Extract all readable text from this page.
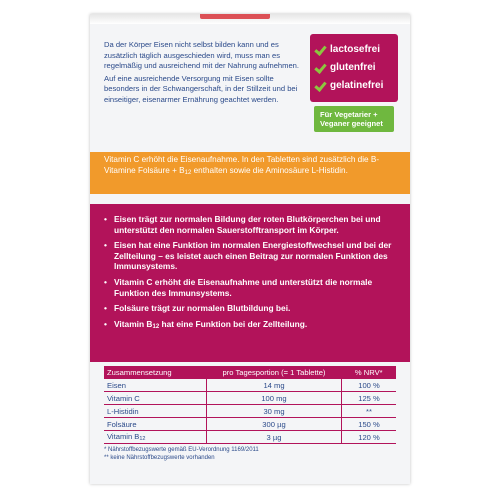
Da der Körper Eisen nicht selbst bilden kann und es zusätzlich täglich ausgeschieden wird, muss man es regelmäßig und ausreichend mit der Nahrung aufnehmen.

Auf eine ausreichende Versorgung mit Eisen sollte besonders in der Schwangerschaft, in der Stillzeit und bei einseitiger, eisenarmer Ernährung geachtet werden.

lactosefrei
glutenfrei
gelatinefrei
Für Vegetarier +
Veganer geeignet
Vitamin C erhöht die Eisenaufnahme. In den Tabletten sind zusätzlich die B-Vitamine Folsäure + B12 enthalten sowie die Aminosäure L-Histidin.
• Eisen trägt zur normalen Bildung der roten Blutkörperchen bei und unterstützt den normalen Sauerstofftransport im Körper.
• Eisen hat eine Funktion im normalen Energiestoffwechsel und bei der Zellteilung – es leistet auch einen Beitrag zur normalen Funktion des Immunsystems.
• Vitamin C erhöht die Eisenaufnahme und unterstützt die normale Funktion des Immunsystems.
• Folsäure trägt zur normalen Blutbildung bei.
• Vitamin B12 hat eine Funktion bei der Zellteilung.
Zusammensetzung	pro Tagesportion (= 1 Tablette)	% NRV*
Eisen	14 mg	100 %
Vitamin C	100 mg	125 %
L-Histidin	30 mg	**
Folsäure	300 µg	150 %
Vitamin B12	3 µg	120 %
* Nährstoffbezugswerte gemäß EU-Verordnung 1169/2011
** keine Nährstoffbezugswerte vorhanden
